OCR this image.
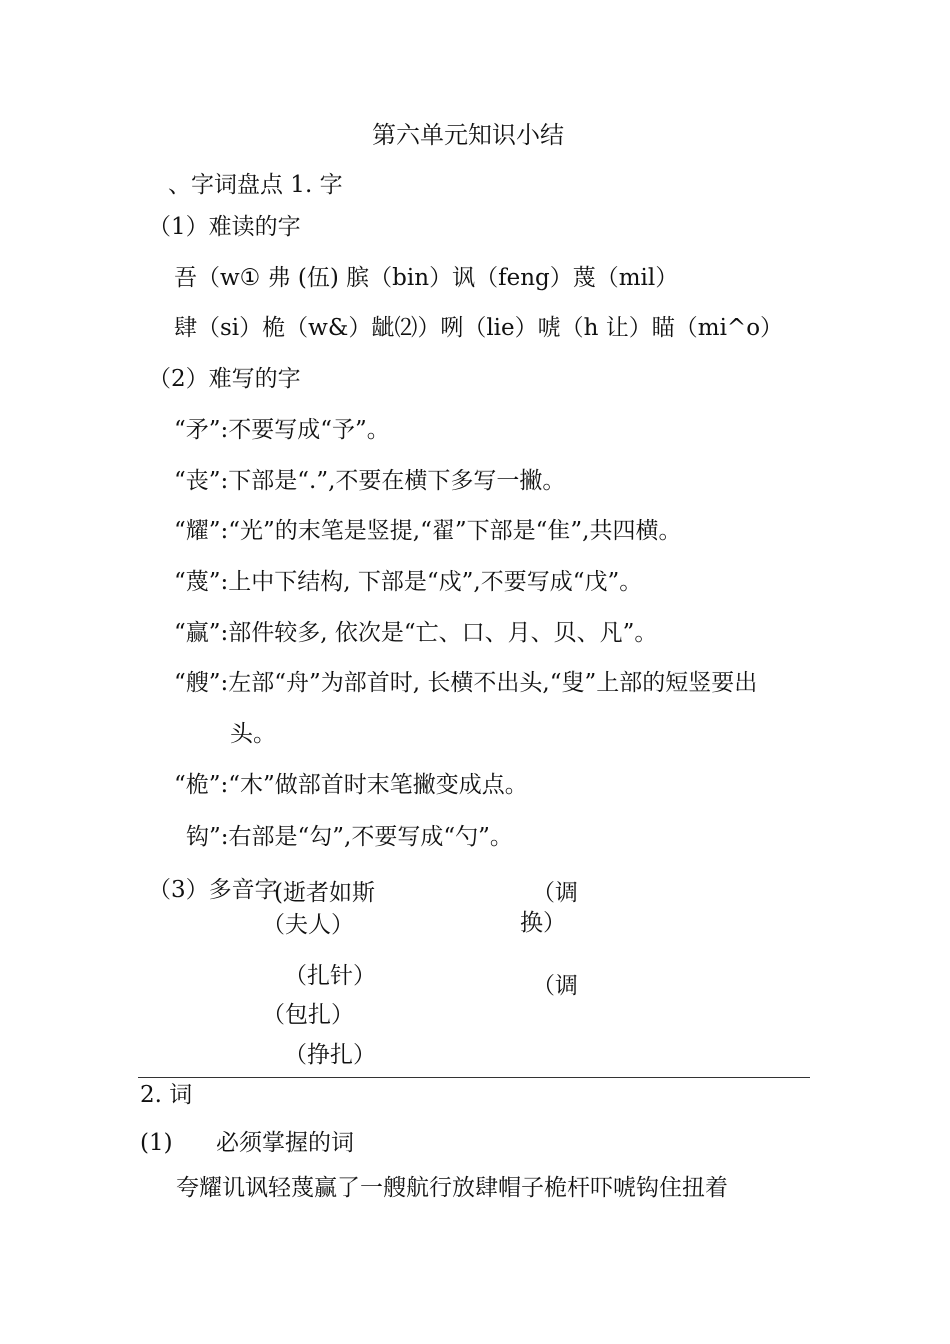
第六单元知识小结
、字词盘点 1. 字
（1）难读的字
吾（w① 弗 (伍) 膑（bin）讽（feng）蔑（mil）
肆（si）桅（w&）龇⑵）咧（lie）唬（h 让）瞄（mi^o）
（2）难写的字
“矛”:不要写成“予”。
“丧”:下部是“.”,不要在横下多写一撇。
“耀”:“光”的末笔是竖提,“翟”下部是“隹”,共四横。
“蔑”:上中下结构, 下部是“戍”,不要写成“戊”。
“赢”:部件较多, 依次是“亡、口、月、贝、凡”。
“艘”:左部“舟”为部首时, 长横不出头,“叟”上部的短竖要出
头。
“桅”:“木”做部首时末笔撇变成点。
钩”:右部是“勾”,不要写成“勺”。
（3）多音字
(逝者如斯
（夫人）
（扎针）
（包扎）
（挣扎）
（调
换）
（调
2. 词
(1) 必须掌握的词
夸耀讥讽轻蔑赢了一艘航行放肆帽子桅杆吓唬钩住扭着
